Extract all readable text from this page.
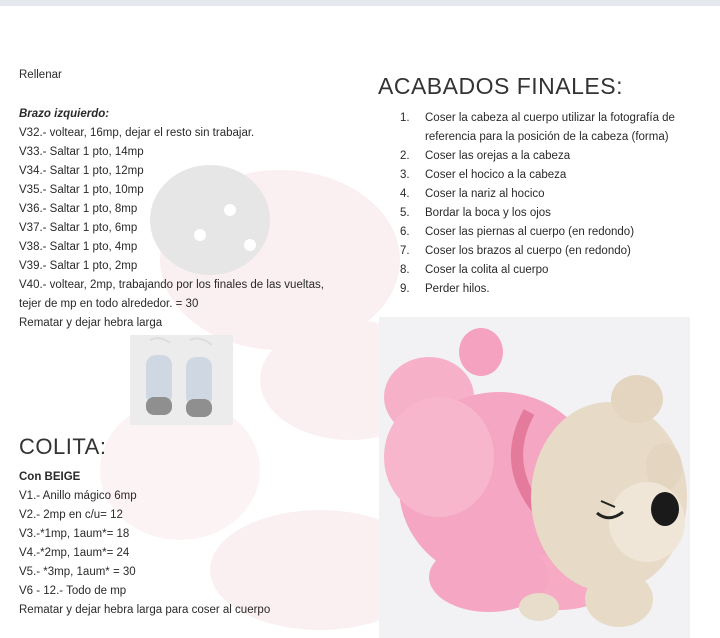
Rellenar
Brazo izquierdo:
V32.- voltear, 16mp, dejar el resto sin trabajar.
V33.- Saltar 1 pto, 14mp
V34.- Saltar 1 pto, 12mp
V35.- Saltar 1 pto, 10mp
V36.- Saltar 1 pto, 8mp
V37.- Saltar 1 pto, 6mp
V38.- Saltar 1 pto, 4mp
V39.- Saltar 1 pto, 2mp
V40.- voltear, 2mp, trabajando por los finales de las vueltas,
tejer de mp en todo alrededor. = 30
Rematar y dejar hebra larga
Con BEIGE
V1.- Anillo mágico 6mp
V2.- 2mp en c/u= 12
V3.-*1mp, 1aum*= 18
V4.-*2mp, 1aum*= 24
V5.- *3mp, 1aum* = 30
V6 - 12.- Todo de mp
Rematar y dejar hebra larga para coser al cuerpo
COLITA:
ACABADOS FINALES:
1. Coser la cabeza al cuerpo utilizar la fotografía de referencia para la posición de la cabeza (forma)
2. Coser las orejas a la cabeza
3. Coser el hocico a la cabeza
4. Coser la nariz al hocico
5. Bordar la boca y los ojos
6. Coser las piernas al cuerpo (en redondo)
7. Coser los brazos al cuerpo (en redondo)
8. Coser la colita al cuerpo
9. Perder hilos.
